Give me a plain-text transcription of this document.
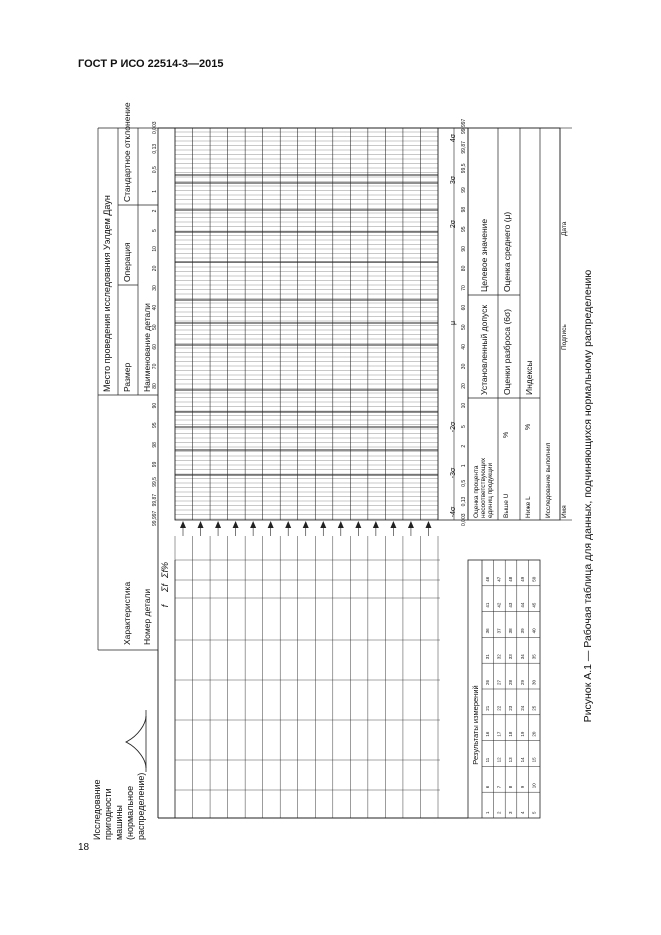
ГОСТ Р ИСО 22514-3—2015
18
Рисунок А.1 — Рабочая таблица для данных, подчиняющихся нормальному распределению
Место проведения исследования Уэлдем Даун
Характеристика
Размер
Операция
Стандартное отклонение
Номер детали
Наименование детали
Исследование пригодности машины (нормальное распределение)
f
Σf
Σf%
99,997
99,87
99,5
99
98
95
90
80
70
60
50
40
30
20
10
5
2
1
0,5
0,13
0,003
0,003
0,13
0,5
1
2
5
10
20
30
40
50
60
70
80
90
95
98
99
99,5
99,87
99,997
-4σ
-3σ
-2σ
μ
2σ
3σ
4σ
Результаты измерений
1
6
11
16
21
26
31
36
41
46
2
7
12
17
22
27
32
37
42
47
3
8
13
18
23
28
33
38
43
48
4
9
14
19
24
29
34
39
44
49
5
10
15
20
25
30
35
40
45
50
Оценка процента несоответствующих единиц продукции Выше U
%
Ниже L
%
Исследование выполнил
Установленный допуск
Целевое значение
Оценки разброса (6σ)
Оценка среднего (μ)
Индексы
Имя
Подпись
Дата
